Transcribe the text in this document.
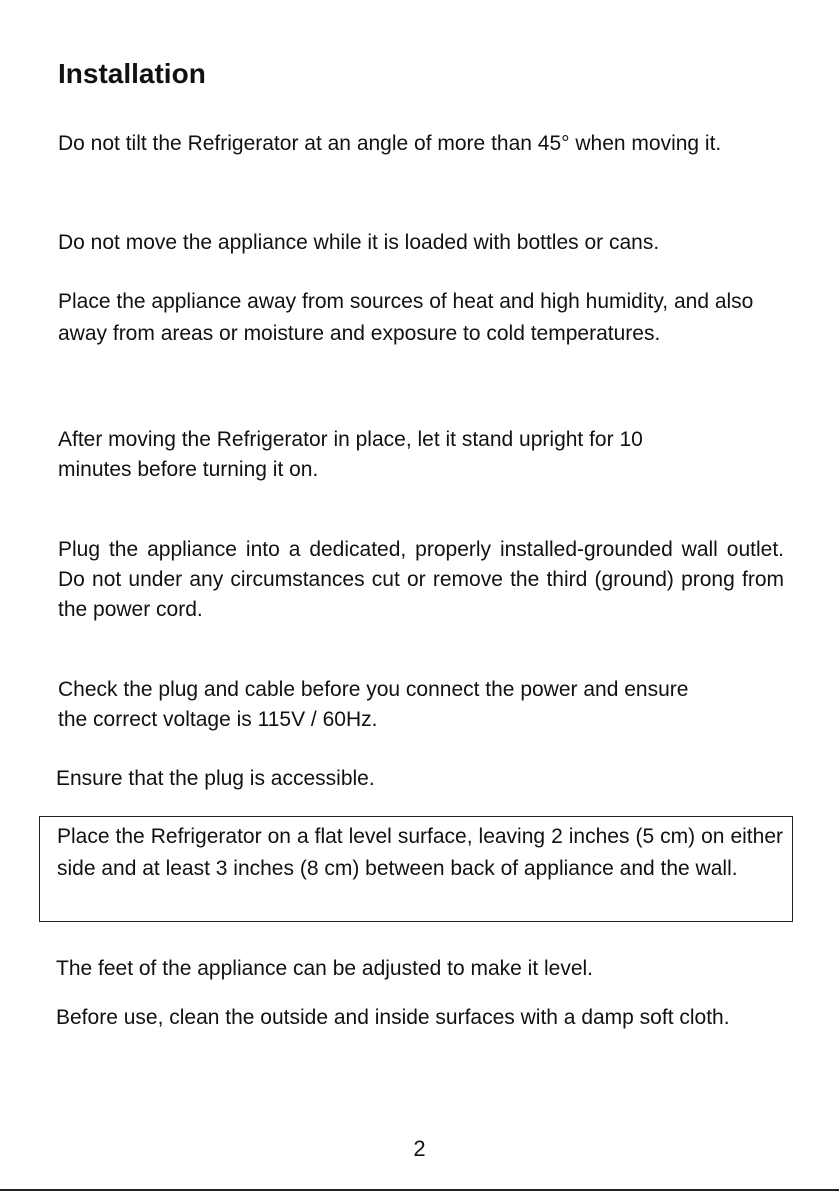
Installation

Do not tilt the Refrigerator at an angle of more than 45° when moving it.

Do not move the appliance while it is loaded with bottles or cans.

Place the appliance away from sources of heat and high humidity, and also away from areas or moisture and exposure to cold temperatures.

After moving the Refrigerator in place, let it stand upright for 10 minutes before turning it on.

Plug the appliance into a dedicated, properly installed-grounded wall outlet. Do not under any circumstances cut or remove the third (ground) prong from the power cord.

Check the plug and cable before you connect the power and ensure the correct voltage is 115V / 60Hz.

Ensure that the plug is accessible.

Place the Refrigerator on a flat level surface, leaving 2 inches (5 cm) on either side and at least 3 inches (8 cm) between back of appliance and the wall.

The feet of the appliance can be adjusted to make it level.

Before use, clean the outside and inside surfaces with a damp soft cloth.

2
